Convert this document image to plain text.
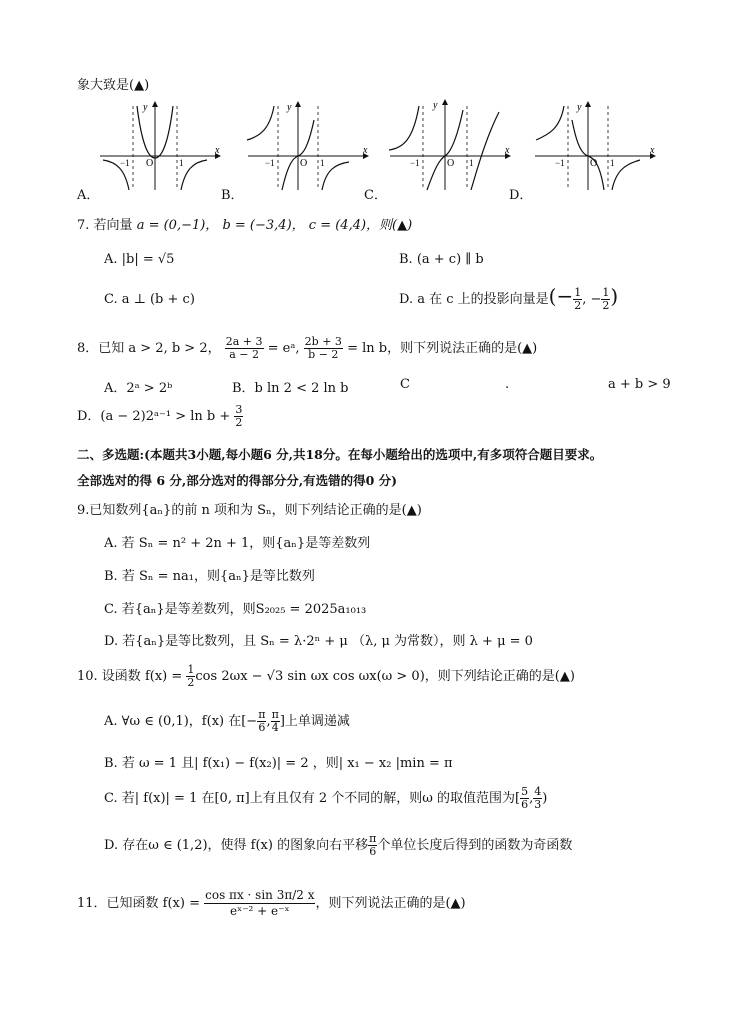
象大致是(▲)
y
x
O
−1	1
A．
y
x
O
−1	1
B．
y
x
O
−1	1
C．
y
x
O
−1	1
D．
7. 若向量 a = (0,−1)， b = (−3,4)， c = (4,4)，则(▲)
A. |b| = √5	B. (a + c) ∥ b
C. a ⊥ (b + c)	D. a 在 c 上的投影向量是(− $\frac{1}{2}$ , − $\frac{1}{2}$ )
8．已知 a > 2, b > 2， $\frac{2a + 3}{a - 2}$ = eᵃ, $\frac{2b + 3}{b - 2} = \ln b$，则下列说法正确的是(▲)
A．2ᵃ > 2ᵇ	B．b ln 2 < 2 ln b	C	.	a + b > 9
D．(a − 2)2ᵃ⁻¹ > $\ln b + \frac{3}{2}$
二、多选题:(本题共3小题,每小题6 分,共18分。在每小题给出的选项中,有多项符合题目要求。
全部选对的得 6 分,部分选对的得部分分,有选错的得0 分)
9.已知数列{aₙ}的前 n 项和为 Sₙ，则下列结论正确的是(▲)
A. 若 Sₙ = n² + 2n + 1，则{aₙ}是等差数列
B. 若 Sₙ = na₁，则{aₙ}是等比数列
C. 若{aₙ}是等差数列，则S₂₀₂₅ = 2025a₁₀₁₃
D. 若{aₙ}是等比数列，且 Sₙ = λ·2ⁿ + μ （λ, μ 为常数），则 λ + μ = 0
10. 设函数 $f(x) = \frac{1}{2}$ cos 2ωx − √3 sin ωx cos ωx(ω > 0)，则下列结论正确的是(▲)
A. ∀ω ∈ (0,1)，f(x) 在[− $\frac{\pi}{6}$ , $\frac{\pi}{4}$ ]上单调递减
B. 若 ω = 1 且| f(x₁) − f(x₂)| = 2 ，则| x₁ − x₂ |min = π
C. 若| f(x)| = 1 在[0, π]上有且仅有 2 个不同的解，则ω 的取值范围为[ $\frac{5}{6}$ , $\frac{4}{3}$ )
D. 存在ω ∈ (1,2)，使得 f(x) 的图象向右平移 $\frac{\pi}{6}$ 个单位长度后得到的函数为奇函数
11．已知函数 $f(x) = \frac{\text{cos πx · sin 3π/2 x}}{\text{eˣ⁻² + e⁻ˣ}}$ ，则下列说法正确的是(▲)
